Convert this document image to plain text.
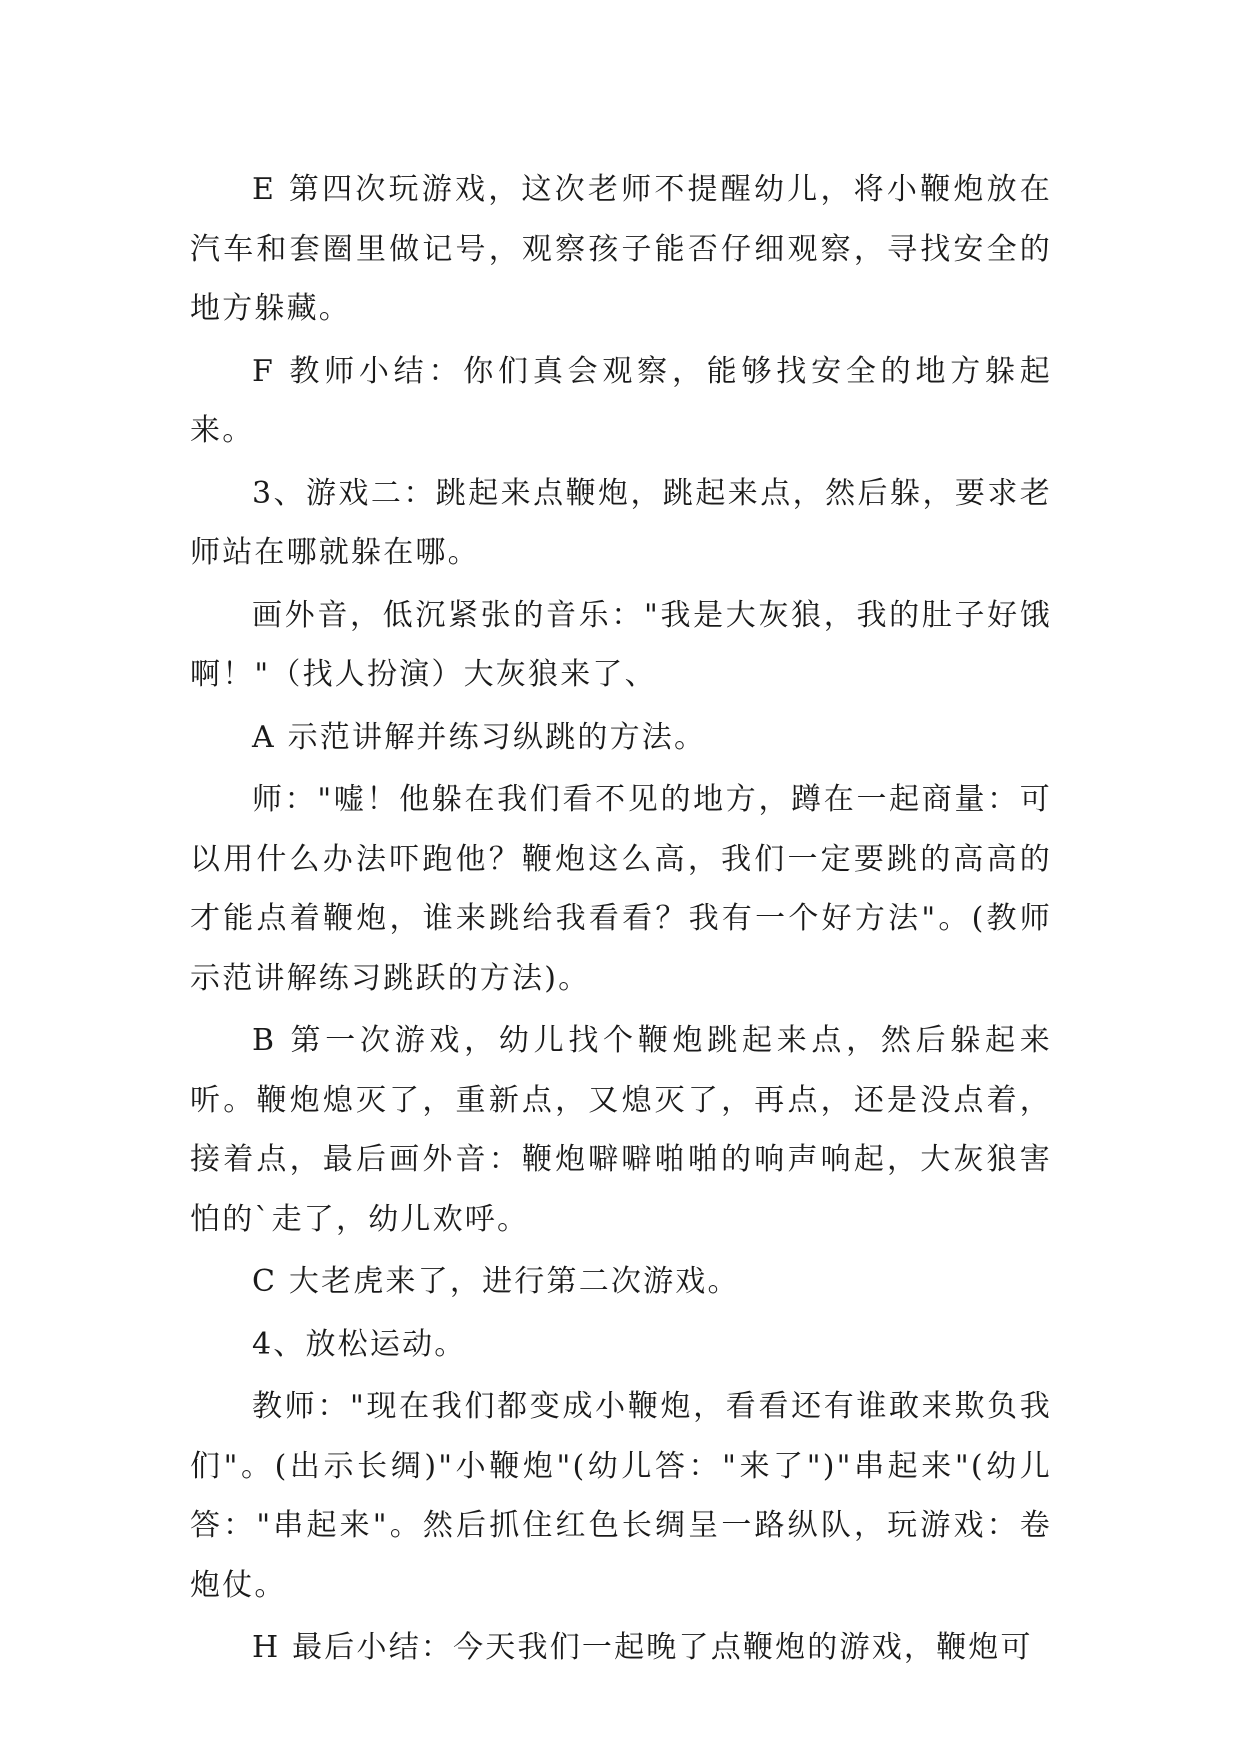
E 第四次玩游戏，这次老师不提醒幼儿，将小鞭炮放在汽车和套圈里做记号，观察孩子能否仔细观察，寻找安全的地方躲藏。

F 教师小结：你们真会观察，能够找安全的地方躲起来。

3、游戏二：跳起来点鞭炮，跳起来点，然后躲，要求老师站在哪就躲在哪。

画外音，低沉紧张的音乐："我是大灰狼，我的肚子好饿啊！"（找人扮演）大灰狼来了、

A 示范讲解并练习纵跳的方法。

师："嘘！他躲在我们看不见的地方，蹲在一起商量：可以用什么办法吓跑他？鞭炮这么高，我们一定要跳的高高的才能点着鞭炮，谁来跳给我看看？我有一个好方法"。(教师示范讲解练习跳跃的方法)。

B 第一次游戏，幼儿找个鞭炮跳起来点，然后躲起来听。鞭炮熄灭了，重新点，又熄灭了，再点，还是没点着，接着点，最后画外音：鞭炮噼噼啪啪的响声响起，大灰狼害怕的`走了，幼儿欢呼。

C 大老虎来了，进行第二次游戏。

4、放松运动。

教师："现在我们都变成小鞭炮，看看还有谁敢来欺负我们"。(出示长绸)"小鞭炮"(幼儿答："来了")"串起来"(幼儿答："串起来"。然后抓住红色长绸呈一路纵队，玩游戏：卷炮仗。

H 最后小结：今天我们一起晚了点鞭炮的游戏，鞭炮可
